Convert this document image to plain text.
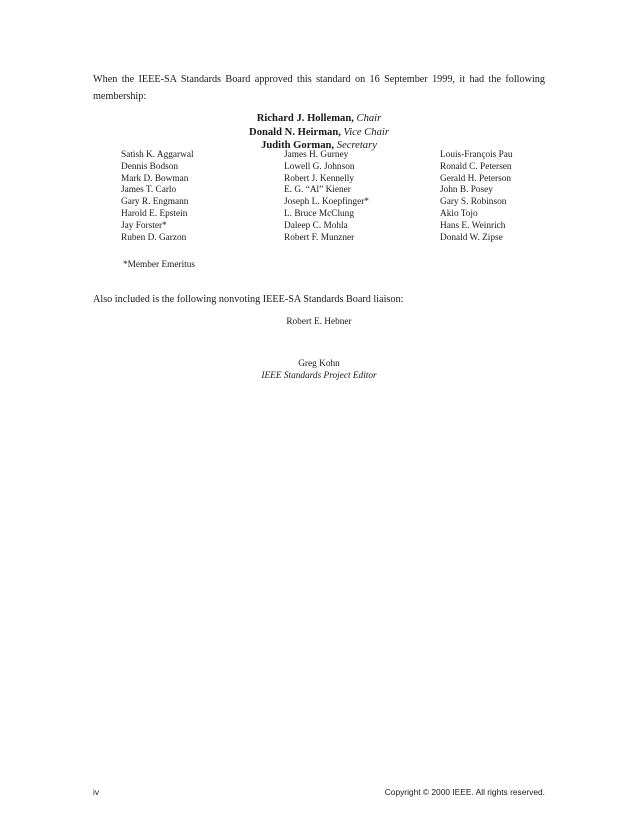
When the IEEE-SA Standards Board approved this standard on 16 September 1999, it had the following membership:
Richard J. Holleman, Chair
Donald N. Heirman, Vice Chair
Judith Gorman, Secretary
Satish K. Aggarwal
Dennis Bodson
Mark D. Bowman
James T. Carlo
Gary R. Engmann
Harold E. Epstein
Jay Forster*
Ruben D. Garzon
James H. Gurney
Lowell G. Johnson
Robert J. Kennelly
E. G. “Al” Kiener
Joseph L. Koepfinger*
L. Bruce McClung
Daleep C. Mohla
Robert F. Munzner
Louis-François Pau
Ronald C. Petersen
Gerald H. Peterson
John B. Posey
Gary S. Robinson
Akio Tojo
Hans E. Weinrich
Donald W. Zipse
*Member Emeritus
Also included is the following nonvoting IEEE-SA Standards Board liaison:
Robert E. Hebner
Greg Kohn
IEEE Standards Project Editor
iv	Copyright © 2000 IEEE. All rights reserved.
